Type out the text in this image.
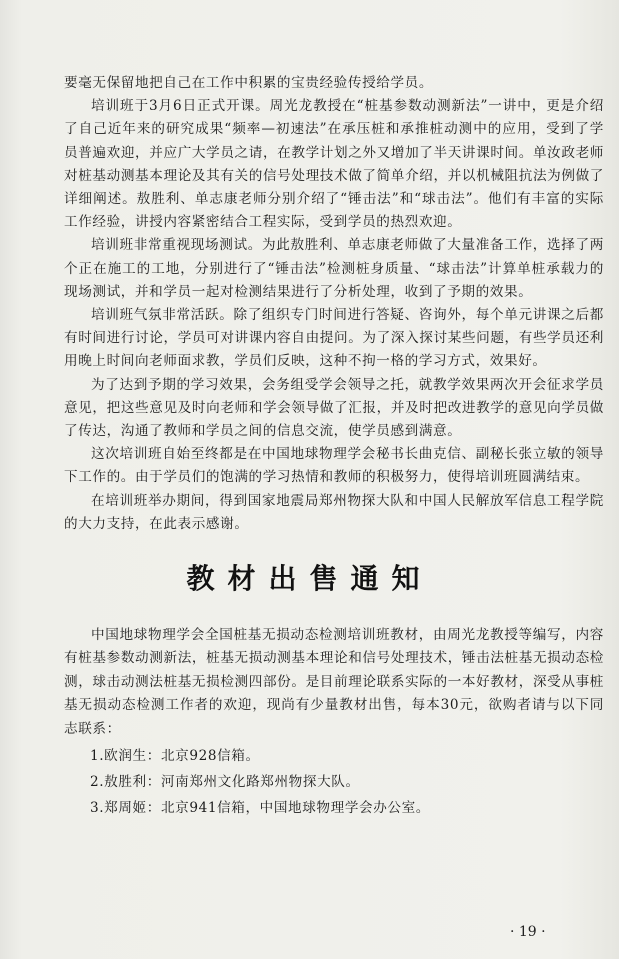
要毫无保留地把自己在工作中积累的宝贵经验传授给学员。

培训班于3月6日正式开课。周光龙教授在“桩基参数动测新法”一讲中，更是介绍了自己近年来的研究成果“频率—初速法”在承压桩和承推桩动测中的应用，受到了学员普遍欢迎，并应广大学员之请，在教学计划之外又增加了半天讲课时间。单汝政老师对桩基动测基本理论及其有关的信号处理技术做了简单介绍，并以机械阻抗法为例做了详细阐述。敖胜利、单志康老师分别介绍了“锤击法”和“球击法”。他们有丰富的实际工作经验，讲授内容紧密结合工程实际，受到学员的热烈欢迎。

培训班非常重视现场测试。为此敖胜利、单志康老师做了大量准备工作，选择了两个正在施工的工地，分别进行了“锤击法”检测桩身质量、“球击法”计算单桩承载力的现场测试，并和学员一起对检测结果进行了分析处理，收到了予期的效果。

培训班气氛非常活跃。除了组织专门时间进行答疑、咨询外，每个单元讲课之后都有时间进行讨论，学员可对讲课内容自由提问。为了深入探讨某些问题，有些学员还利用晚上时间向老师面求教，学员们反映，这种不拘一格的学习方式，效果好。

为了达到予期的学习效果，会务组受学会领导之托，就教学效果两次开会征求学员意见，把这些意见及时向老师和学会领导做了汇报，并及时把改进教学的意见向学员做了传达，沟通了教师和学员之间的信息交流，使学员感到满意。

这次培训班自始至终都是在中国地球物理学会秘书长曲克信、副秘长张立敏的领导下工作的。由于学员们的饱满的学习热情和教师的积极努力，使得培训班圆满结束。

在培训班举办期间，得到国家地震局郑州物探大队和中国人民解放军信息工程学院的大力支持，在此表示感谢。

教材出售通知

中国地球物理学会全国桩基无损动态检测培训班教材，由周光龙教授等编写，内容有桩基参数动测新法，桩基无损动测基本理论和信号处理技术，锤击法桩基无损动态检测，球击动测法桩基无损检测四部份。是目前理论联系实际的一本好教材，深受从事桩基无损动态检测工作者的欢迎，现尚有少量教材出售，每本30元，欲购者请与以下同志联系：

1.欧润生：北京928信箱。
2.敖胜利：河南郑州文化路郑州物探大队。
3.郑周姬：北京941信箱，中国地球物理学会办公室。
· 19 ·
